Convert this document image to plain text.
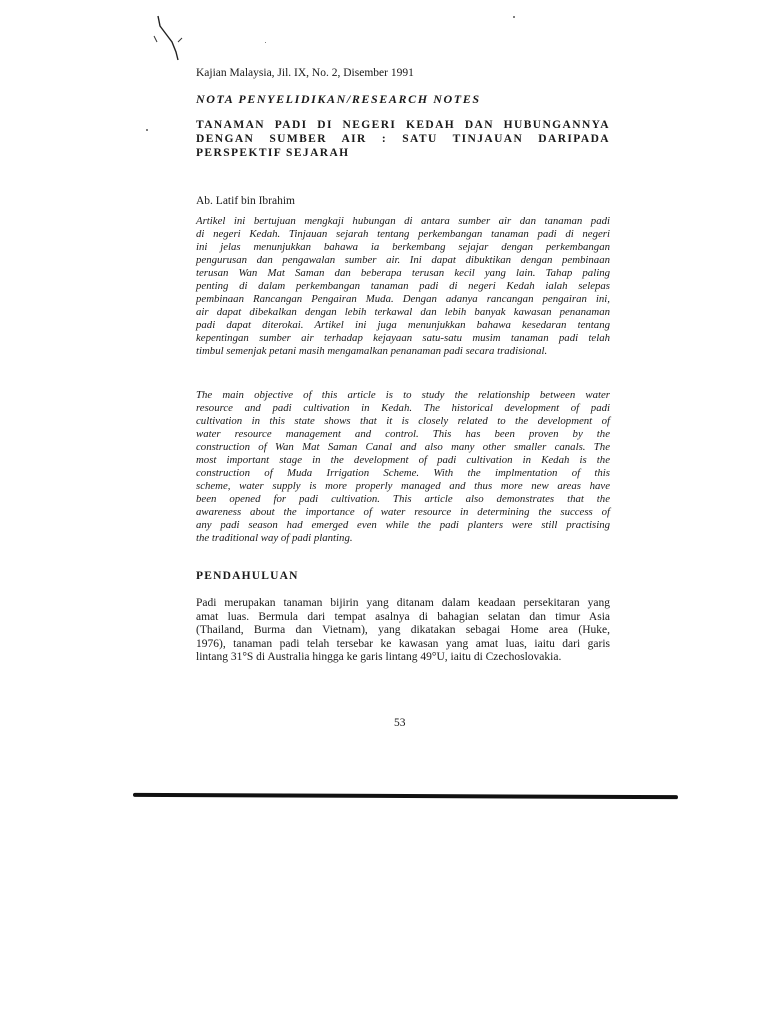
Kajian Malaysia, Jil. IX, No. 2, Disember 1991
NOTA PENYELIDIKAN/RESEARCH NOTES
TANAMAN PADI DI NEGERI KEDAH DAN HUBUNGANNYA
DENGAN SUMBER AIR : SATU TINJAUAN DARIPADA
PERSPEKTIF SEJARAH
Ab. Latif bin Ibrahim

Artikel ini bertujuan mengkaji hubungan di antara sumber air dan tanaman padi
di negeri Kedah. Tinjauan sejarah tentang perkembangan tanaman padi di negeri
ini jelas menunjukkan bahawa ia berkembang sejajar dengan perkembangan
pengurusan dan pengawalan sumber air. Ini dapat dibuktikan dengan pembinaan
terusan Wan Mat Saman dan beberapa terusan kecil yang lain. Tahap paling
penting di dalam perkembangan tanaman padi di negeri Kedah ialah selepas
pembinaan Rancangan Pengairan Muda. Dengan adanya rancangan pengairan ini,
air dapat dibekalkan dengan lebih terkawal dan lebih banyak kawasan penanaman
padi dapat diterokai. Artikel ini juga menunjukkan bahawa kesedaran tentang
kepentingan sumber air terhadap kejayaan satu-satu musim tanaman padi telah
timbul semenjak petani masih mengamalkan penanaman padi secara tradisional.

The main objective of this article is to study the relationship between water
resource and padi cultivation in Kedah. The historical development of padi
cultivation in this state shows that it is closely related to the development of
water resource management and control. This has been proven by the
construction of Wan Mat Saman Canal and also many other smaller canals. The
most important stage in the development of padi cultivation in Kedah is the
construction of Muda Irrigation Scheme. With the implmentation of this
scheme, water supply is more properly managed and thus more new areas have
been opened for padi cultivation. This article also demonstrates that the
awareness about the importance of water resource in determining the success of
any padi season had emerged even while the padi planters were still practising
the traditional way of padi planting.

PENDAHULUAN

Padi merupakan tanaman bijirin yang ditanam dalam keadaan persekitaran yang
amat luas. Bermula dari tempat asalnya di bahagian selatan dan timur Asia
(Thailand, Burma dan Vietnam), yang dikatakan sebagai Home area (Huke,
1976), tanaman padi telah tersebar ke kawasan yang amat luas, iaitu dari garis
lintang 31°S di Australia hingga ke garis lintang 49°U, iaitu di Czechoslovakia.

53
